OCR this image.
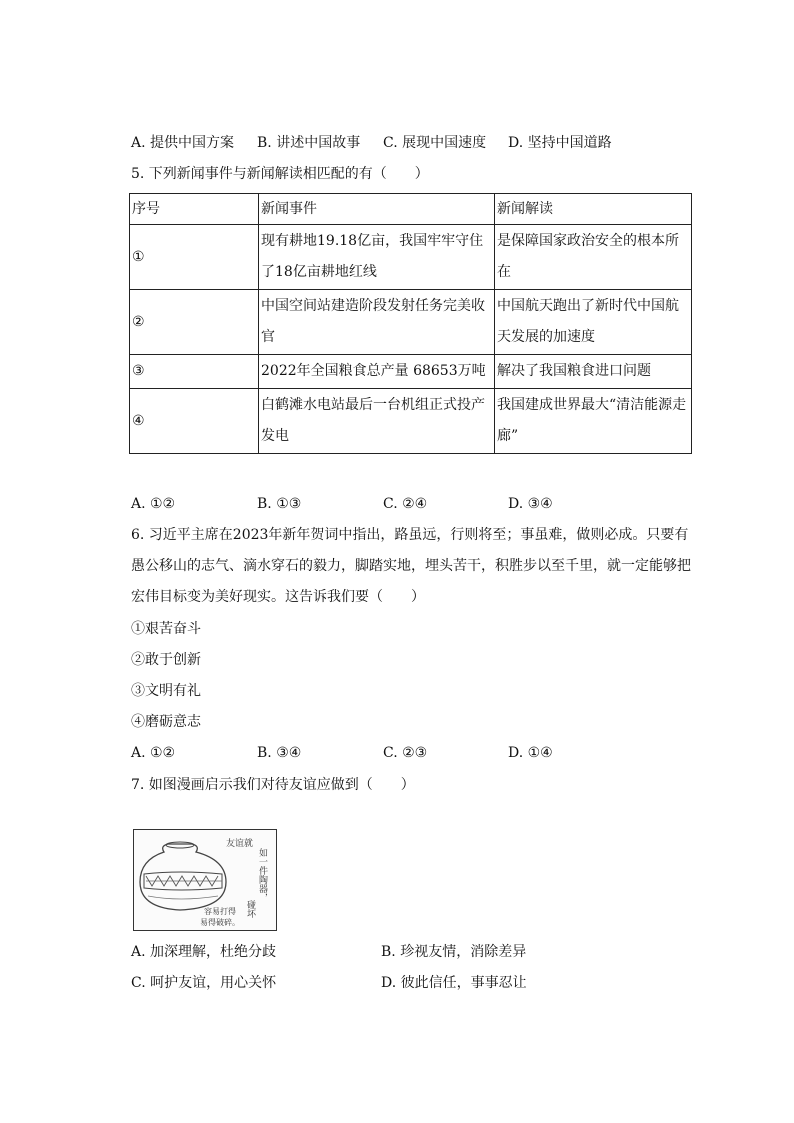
A. 提供中国方案 B. 讲述中国故事 C. 展现中国速度 D. 坚持中国道路
5. 下列新闻事件与新闻解读相匹配的有（　　）
序号	新闻事件	新闻解读
①	现有耕地19.18亿亩，我国牢牢守住了18亿亩耕地红线	是保障国家政治安全的根本所在
②	中国空间站建造阶段发射任务完美收官	中国航天跑出了新时代中国航天发展的加速度
③	2022年全国粮食总产量 68653万吨	解决了我国粮食进口问题
④	白鹤滩水电站最后一台机组正式投产发电	我国建成世界最大“清洁能源走廊”
A. ①②	B. ①③	C. ②④	D. ③④
6. 习近平主席在2023年新年贺词中指出，路虽远，行则将至；事虽难，做则必成。只要有
愚公移山的志气、滴水穿石的毅力，脚踏实地，埋头苦干，积胜步以至千里，就一定能够把
宏伟目标变为美好现实。这告诉我们要（　　）
①艰苦奋斗
②敢于创新
③文明有礼
④磨砺意志
A. ①②	B. ③④	C. ②③	D. ①④
7. 如图漫画启示我们对待友谊应做到（　　）
友谊就
如一件陶器，
碰坏
容易打得
易得破碎。
A. 加深理解，杜绝分歧	B. 珍视友情，消除差异
C. 呵护友谊，用心关怀	D. 彼此信任，事事忍让
